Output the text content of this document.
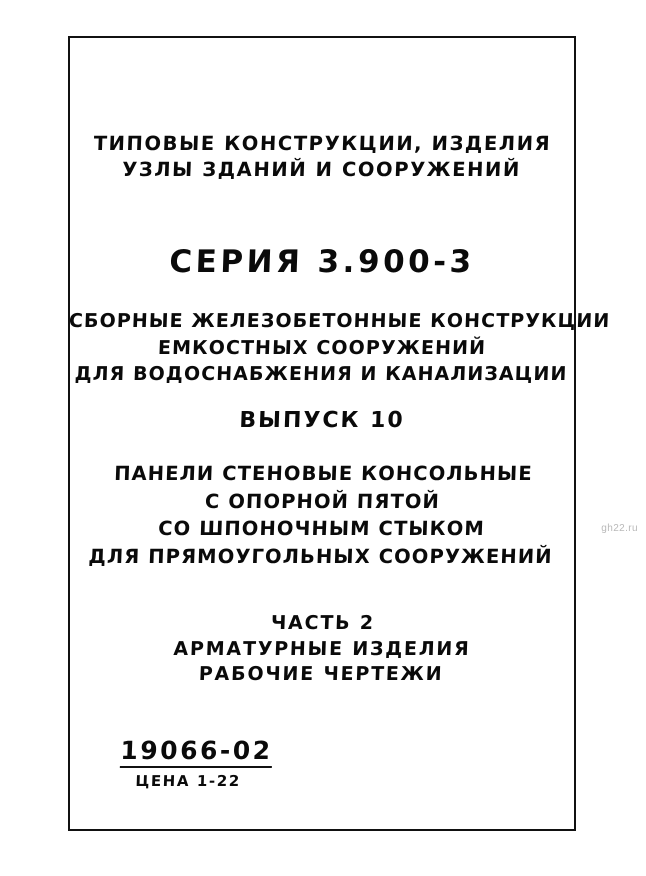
ТИПОВЫЕ КОНСТРУКЦИИ, ИЗДЕЛИЯ
УЗЛЫ ЗДАНИЙ И СООРУЖЕНИЙ
СЕРИЯ 3.900-3
СБОРНЫЕ ЖЕЛЕЗОБЕТОННЫЕ КОНСТРУКЦИИ
ЕМКОСТНЫХ СООРУЖЕНИЙ
ДЛЯ ВОДОСНАБЖЕНИЯ И КАНАЛИЗАЦИИ
ВЫПУСК 10
ПАНЕЛИ СТЕНОВЫЕ КОНСОЛЬНЫЕ
С ОПОРНОЙ ПЯТОЙ
СО ШПОНОЧНЫМ СТЫКОМ
ДЛЯ ПРЯМОУГОЛЬНЫХ СООРУЖЕНИЙ
ЧАСТЬ 2
АРМАТУРНЫЕ ИЗДЕЛИЯ
РАБОЧИЕ ЧЕРТЕЖИ
19066-02
ЦЕНА 1-22
gh22.ru
